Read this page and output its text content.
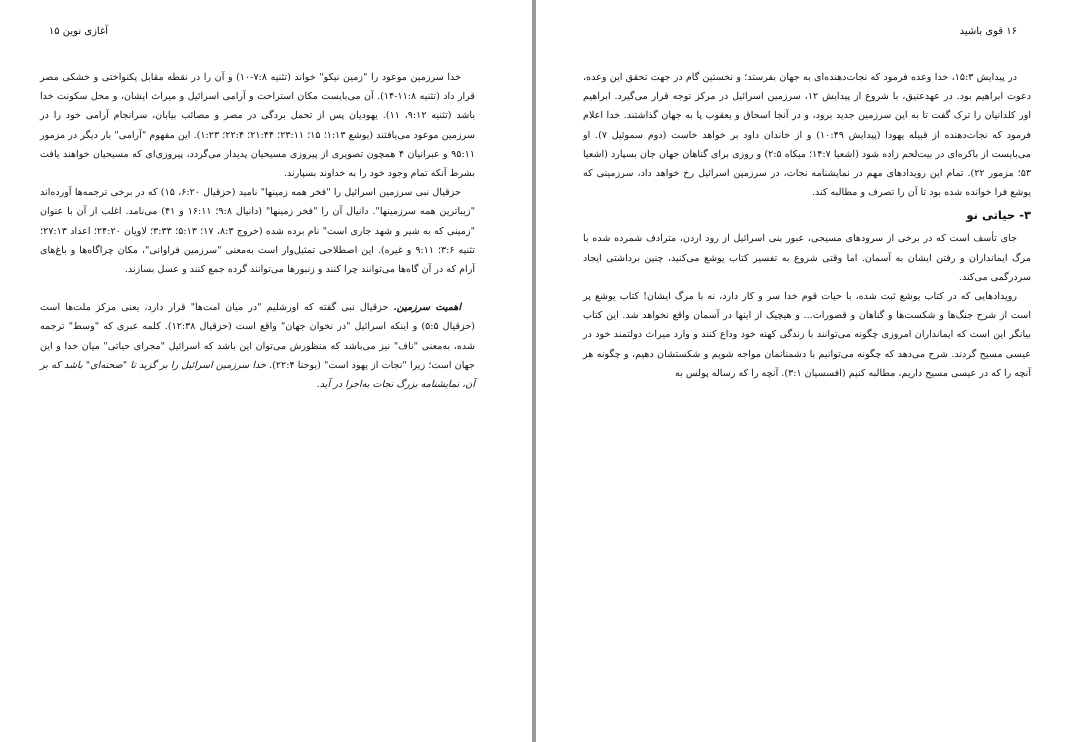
آغازی نوین ۱۵

خدا سرزمین موعود را "زمین نیکو" خواند (تثنیه ۷:۸-۱۰) و آن را در نقطه مقابل یکنواختی و خشکی مصر قرار داد (تثنیه ۱۱:۸-۱۴). آن می‌بایست مکان استراحت و آرامی اسرائیل و میراث ایشان، و محل سکونت خدا باشد (تثنیه ۹:۱۲، ۱۱). یهودیان پس از تحمل بردگی در مصر و مصائب بیابان، سرانجام آرامی خود را در سرزمین موعود می‌یافتند (یوشع ۱:۱۳؛ ۱۵؛ ۲۳:۱۱؛ ۲۱:۴۴؛ ۲۲:۴؛ ۱:۲۳). این مفهوم "آرامی" بار دیگر در مزمور ۹۵:۱۱ و عبرانیان ۴ همچون تصویری از پیروزی مسیحیان پدیدار می‌گردد، پیروزی‌ای که مسیحیان خواهند یافت بشرط آنکه تمام وجود خود را به خداوند بسپارند.

حزقیال نبی سرزمین اسرائیل را "فخر همه زمینها" نامید (حزقیال ۶:۲۰، ۱۵) که در برخی ترجمه‌ها آورده‌اند "زیباترین همه سرزمینها". دانیال آن را "فخر زمینها" (دانیال ۹:۸؛ ۱۶:۱۱ و ۴۱) می‌نامد. اغلب از آن با عنوان "زمینی که به شیر و شهد جاری است" نام برده شده (خروج ۸:۳، ۱۷؛ ۵:۱۳؛ ۳:۳۳؛ لاویان ۲۴:۲۰؛ اعداد ۲۷:۱۳؛ تثنیه ۳:۶؛ ۹:۱۱ و غیره). این اصطلاحی تمثیل‌وار است به‌معنی "سرزمین فراوانی"، مکان چراگاه‌ها و باغ‌های آرام که در آن گاه‌ها می‌توانند چرا کنند و زنبورها می‌توانند گرده جمع کنند و عسل بسازند.

اهمیت سرزمین. حزقیال نبی گفته که اورشلیم "در میان امت‌ها" قرار دارد، یعنی مرکز ملت‌ها است (حزقیال ۵:۵) و اینکه اسرائیل "در نخوان جهان" واقع است (حزقیال ۱۲:۳۸). کلمه عبری که "وسط" ترجمه شده، به‌معنی "ناف" نیز می‌باشد که منظورش می‌توان این باشد که اسرائیل "مجرای حیاتی" میان خدا و این جهان است؛ زیرا "نجات از یهود است" (یوحنا ۲۲:۴). خدا سرزمین اسرائیل را بر گزید تا "صحنه‌ای" باشد که بر آن، نمایشنامه بزرگ نجات به‌اجرا در آید.

۱۶ قوی باشید

در پیدایش ۱۵:۳، خدا وعده فرمود که نجات‌دهنده‌ای به جهان بفرستد؛ و نخستین گام در جهت تحقق این وعده، دعوت ابراهیم بود. در عهدعتیق، با شروع از پیدایش ۱۲، سرزمین اسرائیل در مرکز توجه قرار می‌گیرد. ابراهیم اور کلدانیان را ترک گفت تا به این سرزمین جدید برود، و در آنجا اسحاق و یعقوب پا به جهان گذاشتند. خدا اعلام فرمود که نجات‌دهنده از قبیله یهودا (پیدایش ۱۰:۴۹) و از خاندان داود بر خواهد خاست (دوم سموئیل ۷). او می‌بایست از باکره‌ای در بیت‌لحم زاده شود (اشعیا ۱۴:۷؛ میکاه ۲:۵) و روزی برای گناهان جهان جان بسپارد (اشعیا ۵۳؛ مزمور ۲۲). تمام این رویدادهای مهم در نمایشنامه نجات، در سرزمین اسرائیل رخ خواهد داد، سرزمینی که یوشع فرا خوانده شده بود تا آن را تصرف و مطالبه کند.

۳- حیاتی نو

جای تأسف است که در برخی از سرودهای مسیحی، عبور بنی اسرائیل از رود اردن، مترادف شمرده شده با مرگ ایمانداران و رفتن ایشان به آسمان. اما وقتی شروع به تفسیر کتاب یوشع می‌کنید، چنین برداشتی ایجاد سردرگمی می‌کند.

رویدادهایی که در کتاب یوشع ثبت شده، با حیات قوم خدا سر و کار دارد، نه با مرگ ایشان! کتاب یوشع پر است از شرح جنگ‌ها و شکست‌ها و گناهان و قصورات... و هیچیک از اینها در آسمان واقع نخواهد شد. این کتاب بیانگر این است که ایمانداران امروزی چگونه می‌توانند با زندگی کهنه خود وداع کنند و وارد میراث دولتمند خود در عیسی مسیح گردند. شرح می‌دهد که چگونه می‌توانیم با دشمنانمان مواجه شویم و شکستشان دهیم، و چگونه هر آنچه را که در عیسی مسیح داریم، مطالبه کنیم (افسسیان ۳:۱). آنچه را که رساله پولس به
